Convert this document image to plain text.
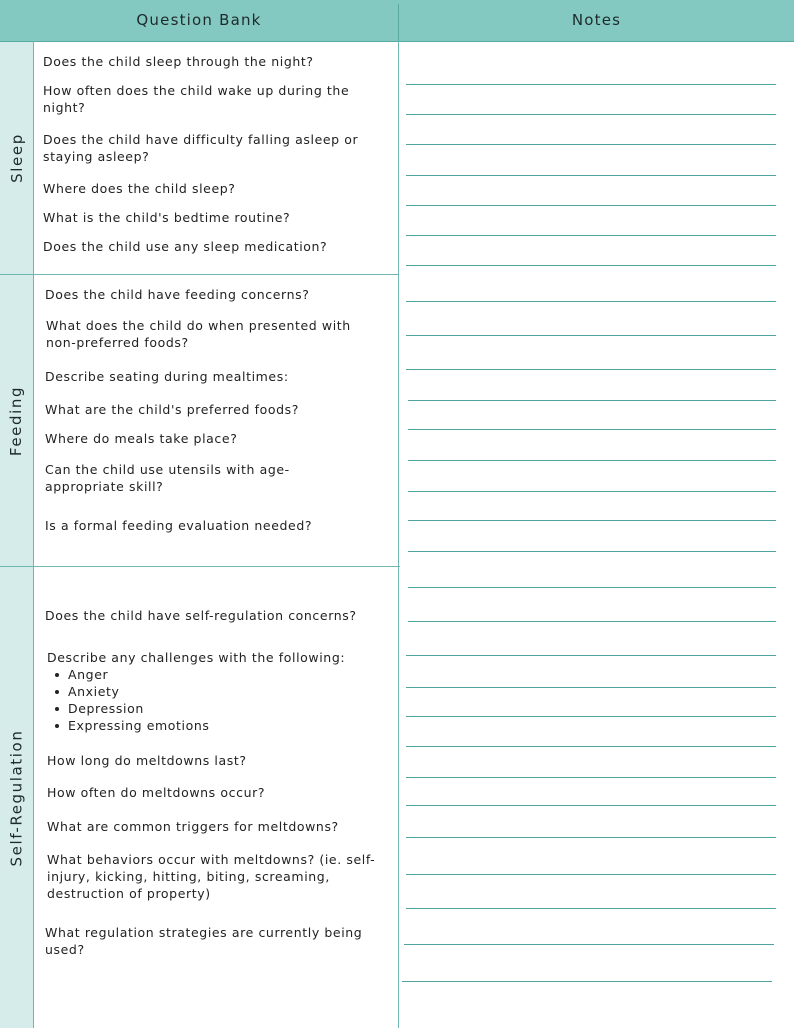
Question Bank	Notes
Sleep
Feeding
Self-Regulation

Does the child sleep through the night?

How often does the child wake up during the night?

Does the child have difficulty falling asleep or staying asleep?

Where does the child sleep?

What is the child's bedtime routine?

Does the child use any sleep medication?

Does the child have feeding concerns?

What does the child do when presented with non-preferred foods?

Describe seating during mealtimes:

What are the child's preferred foods?

Where do meals take place?

Can the child use utensils with age-appropriate skill?

Is a formal feeding evaluation needed?

Does the child have self-regulation concerns?

Describe any challenges with the following:

Anger
Anxiety
Depression
Expressing emotions

How long do meltdowns last?

How often do meltdowns occur?

What are common triggers for meltdowns?

What behaviors occur with meltdowns? (ie. self-injury, kicking, hitting, biting, screaming, destruction of property)

What regulation strategies are currently being used?
